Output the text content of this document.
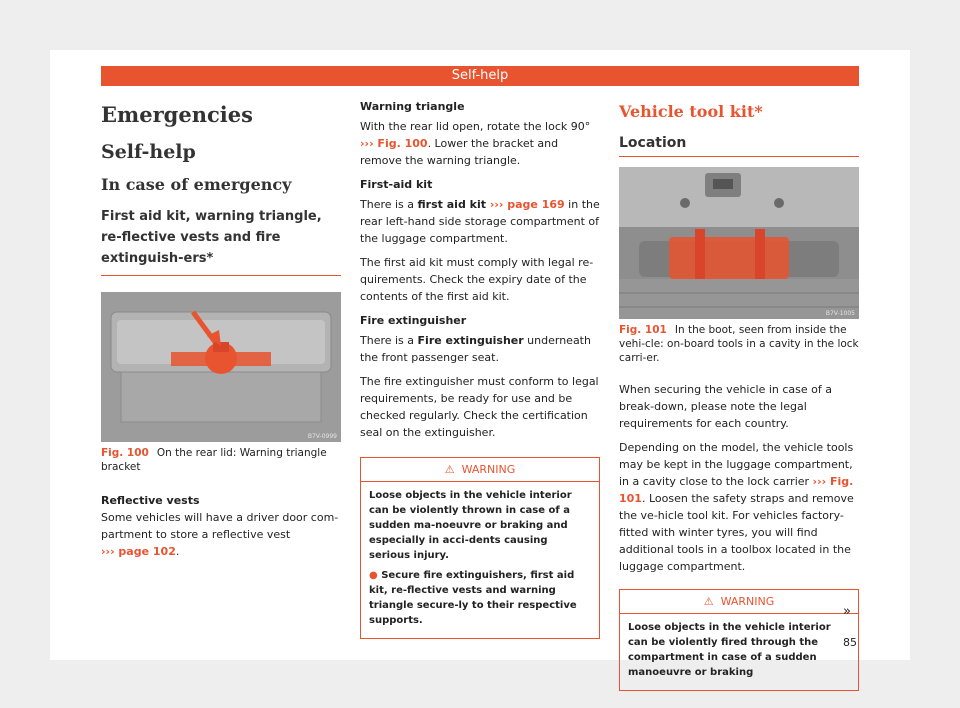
Self-help
Emergencies
Self-help
In case of emergency
First aid kit, warning triangle, re-flective vests and fire extinguish-ers*
B7V-0999
Fig. 100 On the rear lid: Warning triangle bracket

Reflective vests

Some vehicles will have a driver door com-partment to store a reflective vest
››› page 102.

Warning triangle

With the rear lid open, rotate the lock 90°
››› Fig. 100. Lower the bracket and remove the warning triangle.

First-aid kit

There is a first aid kit ››› page 169 in the rear left-hand side storage compartment of the luggage compartment.

The first aid kit must comply with legal re-quirements. Check the expiry date of the contents of the first aid kit.

Fire extinguisher

There is a Fire extinguisher underneath the front passenger seat.

The fire extinguisher must conform to legal requirements, be ready for use and be checked regularly. Check the certification seal on the extinguisher.

⚠ WARNING
Loose objects in the vehicle interior can be violently thrown in case of a sudden ma-noeuvre or braking and especially in acci-dents causing serious injury.
● Secure fire extinguishers, first aid kit, re-flective vests and warning triangle secure-ly to their respective supports.
Vehicle tool kit*
Location
B7V-1005
Fig. 101 In the boot, seen from inside the vehi-cle: on-board tools in a cavity in the lock carri-er.

When securing the vehicle in case of a break-down, please note the legal requirements for each country.

Depending on the model, the vehicle tools may be kept in the luggage compartment, in a cavity close to the lock carrier ››› Fig. 101. Loosen the safety straps and remove the ve-hicle tool kit. For vehicles factory-fitted with winter tyres, you will find additional tools in a toolbox located in the luggage compartment.

⚠ WARNING
Loose objects in the vehicle interior can be violently fired through the compartment in case of a sudden manoeuvre or braking
»
85
